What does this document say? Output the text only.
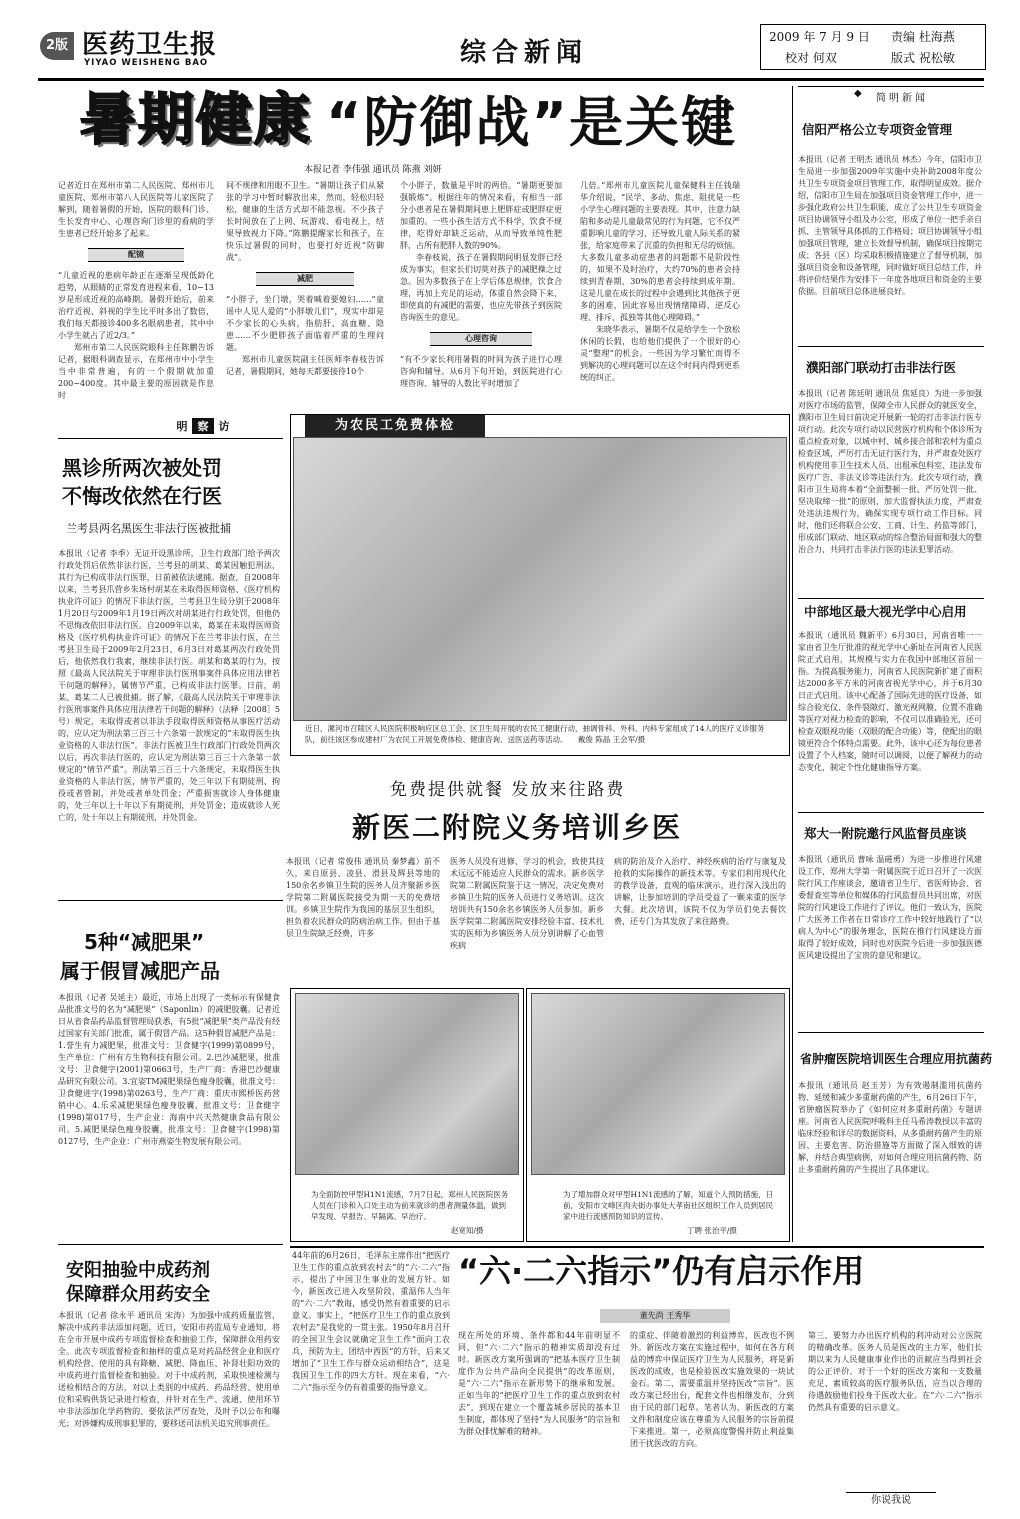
2版 医药卫生报
YIYAO WEISHENG BAO	综合新闻
2009 年 7 月 9 日 责编 杜海燕
校对 何双	版式 祝松敏
暑期健康 “防御战”是关键
本报记者 李伟强 通讯员 陈燕 刘妍
记者近日在郑州市第二人民医院、郑州市儿童医院、郑州市第八人民医院等儿家医院了解到，随着暑假的开始，医院的眼科门诊、生长发育中心、心理咨询门诊里的看病的学生患者已经开始多了起来。
配镜
“儿童近视的患病年龄正在逐渐呈现低龄化趋势，从眼睛的正常发育进程来看，10~13岁是形成近视的高峰期。暑假开始后，前来治疗近视、斜视的学生比平时多出了数倍，我们每天都接诊400多名眼病患者，其中中小学生就占了近2/3。”
郑州市第二人民医院眼科主任陈鹏告诉记者，据眼科调查显示，在郑州市中小学生当中非常普遍，有的一个假期就加重200~400度。其中最主要的原因就是作息时
间不规律和用眼不卫生。“暑期让孩子们从紧张的学习中暂时解放出来，然而，轻松归轻松，健康的生活方式却不能忽视。不少孩子长时间放在了上网、玩游戏、看电视上，结果导致视力下降。”陈鹏提醒家长和孩子，在快乐过暑假的同时，也要打好近视“防御战”。
减肥
“小胖子，坐门墩，哭着喊着要媳妇……”童谣中人见人爱的“小胖墩儿们”，现实中却是不少家长的心头病，指肪肝、高血糖、隐患……不少肥胖孩子面临着严重的生理问题。
郑州市儿童医院副主任医师李春枝告诉记者，暑假期间，她每天都要接待10个
个小胖子，数量是平时的两倍。“暑期更要加强锻炼”。根据往年的情况来看，有相当一部分小患者是在暑假期间患上肥胖症或肥胖症更加重的。一些小孩生活方式不科学，饮食不规律，吃得好却缺乏运动，从而导致单纯性肥胖，占所有肥胖人数的90%。
李春枝说，孩子在暑假期间明显发胖已经成为事实，但家长们切莫对孩子的减肥操之过急。因为多数孩子在上学后体息规律，饮食合理，再加上充足的运动，体重自然会降下来，即使真的有减肥的需要，也应先带孩子到医院咨询医生的意见。
心理咨询
“有不少家长利用暑假的时间为孩子进行心理咨询和辅导。从6月下旬开始，到医院进行心理咨询、辅导的人数比平时增加了
几倍。”郑州市儿童医院儿童保健科主任钱瑞华介绍说，“民学、多动、焦虑、阻扰是一些小学生心理问题的主要表现。其中，注意力缺陷和多动是儿童最常见的行为问题，它不仅严重影响儿童的学习，还导致儿童人际关系的紧张，给家庭带来了沉重的负担和无尽的烦恼。大多数儿童多动症患者的问题都不是阶段性的，如果不及时治疗，大约70%的患者会持续到青春期，30%的患者会持续到成年期。这是儿童在成长的过程中会遇到比其他孩子更多的困难，因此容易出现情绪障碍、逆反心理、排斥、孤独等其他心理障碍。”
朱晓华表示，暑期不仅是给学生一个放松休闲的长假，也给他们提供了一个很好的心灵“整理”的机会。一些因为学习繁忙而得不到解决的心理问题可以在这个时间内得到更系统的纠正。
明 察 访
黑诊所两次被处罚
不悔改依然在行医
兰考县两名黑医生非法行医被批捕
本报讯（记者 李季）无证开设黑诊所，卫生行政部门给予两次行政处罚后依然非法行医，兰考县的胡某、葛某因触犯刑法，其行为已构成非法行医罪，日前被依法逮捕。据查，自2008年以来，兰考县爪营乡朱场村胡某在未取得医师资格、《医疗机构执业许可证》的情况下非法行医，兰考县卫生局分别于2008年1月20日与2009年1月19日两次对胡某进行行政处罚，但他仍不思悔改依旧非法行医。自2009年以来，葛某在未取得医师资格及《医疗机构执业许可证》的情况下在兰考非法行医，在兰考县卫生局于2009年2月23日、6月3日对葛某两次行政处罚后，他依然我行我素，继续非法行医。胡某和葛某的行为，按照《最高人民法院关于审理非法行医刑事案件具体应用法律若干问题的解释》，属情节严重，已构成非法行医罪。日前，胡某、葛某二人已被批捕。据了解，《最高人民法院关于审理非法行医刑事案件具体应用法律若干问题的解释》（法释［2008］5号）规定，未取得或者以非法手段取得医师资格从事医疗活动的，应认定为刑法第三百三十六条第一款规定的“未取得医生执业资格的人非法行医”。非法行医被卫生行政部门行政处罚两次以后，再次非法行医的，应认定为刑法第三百三十六条第一款规定的“情节严重”。刑法第三百三十六条规定，未取得医生执业资格的人非法行医，情节严重的，处三年以下有期徒刑、拘役或者管制，并处或者单处罚金；严重损害就诊人身体健康的，处三年以上十年以下有期徒刑，并处罚金；造成就诊人死亡的，处十年以上有期徒刑，并处罚金。
5种“减肥果”
属于假冒减肥产品
本报讯（记者 吴延主）最近，市场上出现了一类标示有保健食品批准文号的名为“减肥果”（Saponlin）的减肥胶囊。记者近日从省食品药品监督管理局获悉，有5批“减肥果”类产品没有经过国家有关部门批准，属于假冒产品。这5种假冒减肥产品是：1.誉生有力减肥果，批准文号：卫食健字(1999)第0899号，生产单位：广州有方生物科技有限公司。2.巴沙减肥果，批准文号：卫食健字(2001)第0663号，生产厂商：香港巴沙健康品研究有限公司。3.宜姿TM减肥果绿色瘦身胶囊，批准文号：卫食健进字(1998)第0263号，生产厂商：重庆市熙桥医药营销中心。4.乐采减肥果绿色瘦身胶囊，批准文号：卫食健字(1998)第017号，生产企业：海南中兴天然健康食品有限公司。5.减肥果绿色瘦身胶囊，批准文号：卫食健字(1998)第0127号，生产企业：广州市燕姿生物发展有限公司。
安阳抽验中成药剂
保障群众用药安全
本报讯（记者 徐永平 通讯员 宋涛）为加强中成药质量监管，解决中成药非法添加问题，近日，安阳市药监局专业通知，将在全市开展中成药专项监督检查和抽验工作，保障群众用药安全。此次专项监督检查和抽样的重点是对药品经营企业和医疗机构经营、使用的具有降糖、减肥、降血压、补肾壮阳功效的中成药进行监督检查和抽验。对于中成药剂，采取快速检测与送检相结合的方法，对以上类别的中成药、药品经营、使用单位和采购供货记录进行检查，并针对在生产、流通、使用环节中非法添加化学药物的、要依法严厉查处，及时予以公布和曝光；对涉嫌构成刑事犯罪的，要移送司法机关追究刑事责任。
为农民工免费体检
近日，漯河市召陵区人民医院积极响应区总工会、区卫生局开展的农民工健康行动，抽调骨科、外科、内科专家组成了14人的医疗义诊服务队，前往该区参成建材厂为农民工开展免费体检、健康咨询、送医送药等活动。 戴俊 陈晶 王会军/摄
免费提供就餐 发放来往路费
新医二附院义务培训乡医
本报讯（记者 常俊伟 通讯员 秦梦鑫）前不久，来自原县、凌县、滑县及辉县等地的150余名乡镇卫生院的医务人员齐聚新乡医学院第二附属医院接受为期一天的免费培训。乡镇卫生院作为我国的基层卫生组织，担负着农民群众的防病治病工作。但由于基层卫生院缺乏经费，许多
医务人员没有进修、学习的机会，致使其技术远远不能适应人民群众的需求。新乡医学院第二附属医院鉴于这一情况，决定免费对乡镇卫生院的医务人员进行义务培训。这次培训共有150余名乡镇医务人员参加。新乡医学院第二附属医院安排经验丰富、技术扎实的医师为乡镇医务人员分别讲解了心血管疾病
病的防治及介入治疗、神经疾病的治疗与康复及抢救的实际操作的新技术等。专家们利用现代化的教学设备，直观的临床演示，进行深入浅出的讲解，让参加培训的学员受益了一颗来重的医学大餐。此次培训，该院不仅为学员们免去餐饮费，还专门为其发放了来往路费。
为全面防控甲型H1N1流感，7月7日起，郑州人民医院医务人员在门诊和入口处主动为前来就诊的患者测量体温，做到早发现、早报告、早隔离、早治疗。
赵宽知/摄
为了增加群众对甲型H1N1流感的了解，知道个人预防措施，日前，安阳市文峰区肉夫街办事处大孝南社区组织工作人员到居民家中进行流感预防知识的宣传。
丁聘 张治平/摄
44年前的6月26日，毛泽东主席作出“把医疗卫生工作的重点放到农村去”的“六·二六”指示，提出了中国卫生事业的发展方针。如今，新医改已进入攻坚阶段，重温伟人当年的“六·二六”教诲，感受仍然有着重要的启示意义。事实上，“把医疗卫生工作的重点放到农村去”是我党的一贯主张。1950年8月召开的全国卫生会议就确定卫生工作“面向工农兵，预防为主，团结中西医”的方针，后来又增加了“卫生工作与群众运动相结合”，这是我国卫生工作的四大方针。现在来看，“六·二六”指示至今仍有着重要的指导意义。
“六·二六指示”仍有启示作用
董先尚 王秀华
现在所处的环境、条件都和44年前明显不同，但“六·二六”指示的精神实质却没有过时。新医改方案所强调的“把基本医疗卫生制度作为公共产品向全民提供”的改革原则，是“六·二六”指示在新形势下的继承和发展。正如当年的“把医疗卫生工作的重点放到农村去”，到现在建立一个覆盖城乡居民的基本卫生制度，都体现了坚持“为人民服务”的宗旨和为群众排忧解难的精神。
的重症、伴随着激烈的利益博弈，医改也不例外。新医改方案在实施过程中，如何在各方利益的博弈中保证医疗卫生为人民服务，将是新医改的成败，也是检验医改实施效果的一块试金石。第二，需要重温并坚持医改“宗旨”。医改方案已经出台，配套文件也相继发布，分到由于民的部门起草。笔者认为，新医改的方案文件和制度应该在尊重为人民服务的宗旨前提下来推进。第一，必须高度警惕并防止利益集团干扰医改的方向。
第三，要努力办出医疗机构的利冲动对公立医院的精确改革。医务人员是医改的主力军，他们长期以来为人民健康事业作出的贡献应当得到社会的公正评价。对于一个好的医改方案和一支数量充足、素质较高的医疗服务队伍，应当以合理的待遇鼓励他们投身于医改大业。在“六·二六”指示仍然具有重要的启示意义。
你说我说
◆ 简明新闻
信阳严格公立专项资金管理
本报讯（记者 王明杰 通讯员 林杰）今年，信阳市卫生局进一步加强2009年实施中央补助2008年度公共卫生专项资金项目管理工作，取得明显成效。据介绍，信阳市卫生局在加强项目资金管理工作中，进一步强化政府公共卫生职能，成立了公共卫生专项资金项目协调领导小组及办公室，形成了单位一把手亲自抓、主管领导具体抓的工作格局；项目协调领导小组加强项目管理，建立长效督导机制，确保项目按期完成；各县（区）均采取积极措施建立了督导机制，加强项目资金和设备管理，同时做好项目总结工作，并将评价结果作为安排下一年度各地项目和资金的主要依据。目前项目总体进展良好。
濮阳部门联动打击非法行医
本报讯（记者 陈廷明 通讯员 焦延良）为进一步加强对医疗市场的监管，保障全市人民群众的就医安全，濮阳市卫生局日前决定开展新一轮的打击非法行医专项行动。此次专项行动以民营医疗机构和个体诊所为重点检查对象，以城中村、城乡接合部和农村为重点检查区域，严厉打击无证行医行为，并严肃查处医疗机构使用非卫生技术人员、出租承包科室、违法发布医疗广告、非法义诊等违法行为。此次专项行动，濮阳市卫生局将本着“全面整顿一批、严厉处罚一批、坚决取缔一批”的原则，加大监督执法力度，严肃查处违法违规行为，确保实现专项行动工作目标。同时，他们还将联合公安、工商、计生、药监等部门，形成部门联动、地区联动的综合整治局面和强大的整治合力，共同打击非法行医的违法犯罪活动。
中部地区最大视光学中心启用
本报讯（通讯员 魏新平）6月30日，河南省唯一一家由省卫生厅批准的视光学中心新址在河南省人民医院正式启用，其规模与实力在我国中部地区首屈一指。为提高服务能力，河南省人民医院新扩建了面积达2000多平方米的河南省视光学中心，并于6月30日正式启用。该中心配备了国际先进的医疗设备，如综合验光仪、条件裂隙灯、激光视网膜、位置不准确等医疗对视力检查的影响，不仅可以准确验光，还可检查双眼视功能（双眼的配合功能）等，使配出的眼镜更符合个体特点需要。此外，该中心还为每位患者设置了个人档案，随时可以调阅，以便了解视力的动态变化，制定个性化健康指导方案。
郑大一附院邀行风监督员座谈
本报讯（通讯员 曹咏 温磁勇）为进一步推进行风建设工作，郑州大学第一附属医院于近日召开了一次医院行风工作座谈会，邀请省卫生厅、省医师协会、省委督查室等单位和媒体的行风监督员共同出席，对医院的行风建设工作进行了评议。他们一致认为，医院广大医务工作者在日常诊疗工作中较好地践行了“以病人为中心”的服务理念，医院在推行行风建设方面取得了较好成效，同时也对医院今后进一步加强医德医风建设提出了宝贵的意见和建议。
省肿瘤医院培训医生合理应用抗菌药
本报讯（通讯员 赵玉芳）为有效遏制滥用抗菌药物、延缓和减少多重耐药菌的产生，6月26日下午，省肿瘤医院举办了《如何应对多重耐药菌》专题讲座。河南省人民医院呼吸科主任马希涛教授以丰富的临床经验和详尽的数据资料，从多重耐药菌产生的原因、主要危害、防治措施等方面做了深入细致的讲解，并结合典型病例，对如何合理应用抗菌药物、防止多重耐药菌的产生提出了具体建议。
